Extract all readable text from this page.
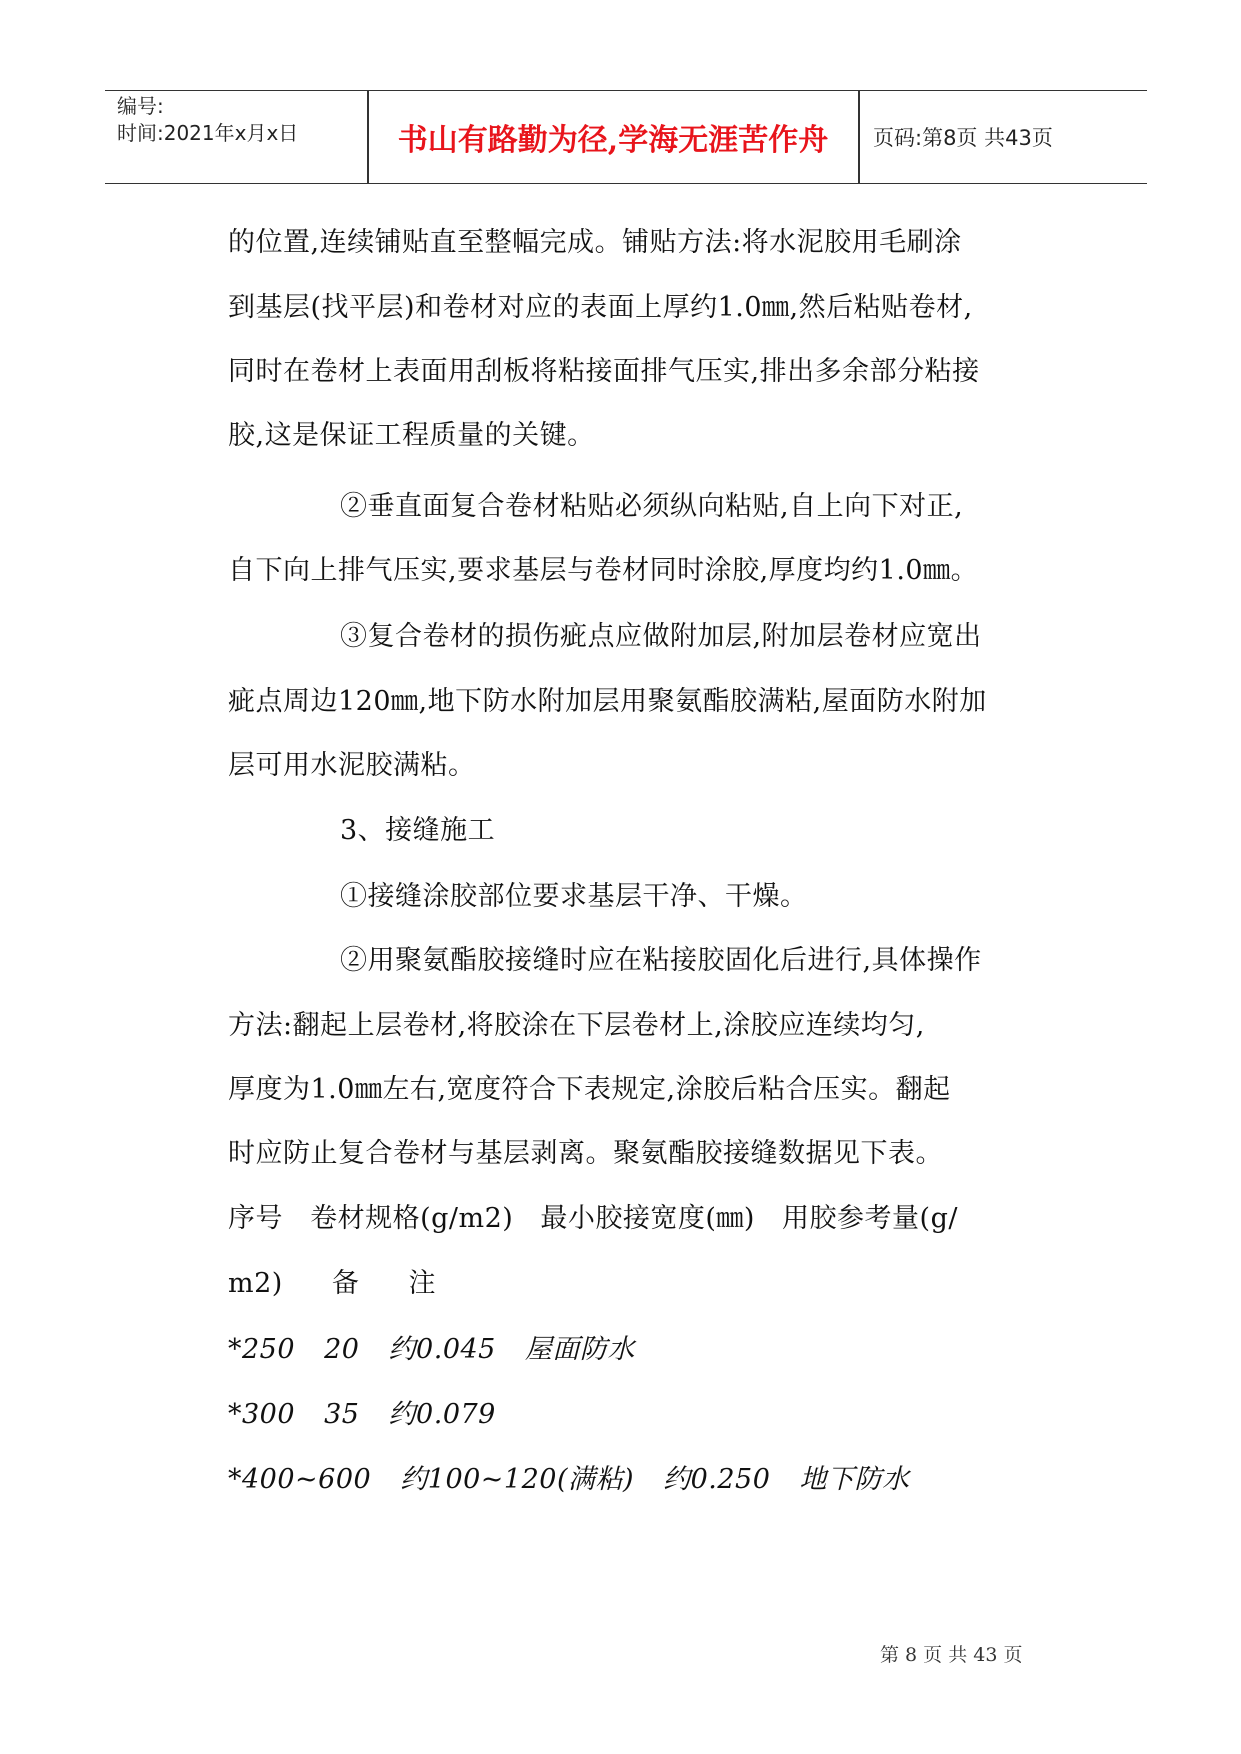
编号:
时间:2021年x月x日	书山有路勤为径,学海无涯苦作舟	页码:第8页 共43页
的位置,连续铺贴直至整幅完成。铺贴方法:将水泥胶用毛刷涂
到基层(找平层)和卷材对应的表面上厚约1.0㎜,然后粘贴卷材,
同时在卷材上表面用刮板将粘接面排气压实,排出多余部分粘接
胶,这是保证工程质量的关键。
②垂直面复合卷材粘贴必须纵向粘贴,自上向下对正,
自下向上排气压实,要求基层与卷材同时涂胶,厚度均约1.0㎜。
③复合卷材的损伤疵点应做附加层,附加层卷材应宽出
疵点周边120㎜,地下防水附加层用聚氨酯胶满粘,屋面防水附加
层可用水泥胶满粘。
3、接缝施工
①接缝涂胶部位要求基层干净、干燥。
②用聚氨酯胶接缝时应在粘接胶固化后进行,具体操作
方法:翻起上层卷材,将胶涂在下层卷材上,涂胶应连续均匀,
厚度为1.0㎜左右,宽度符合下表规定,涂胶后粘合压实。翻起
时应防止复合卷材与基层剥离。聚氨酯胶接缝数据见下表。
序号 卷材规格(g/m2) 最小胶接宽度(㎜) 用胶参考量(g/
m2) 备 注
*250 20 约0.045 屋面防水
*300 35 约0.079
*400~600 约100~120(满粘) 约0.250 地下防水
第 8 页 共 43 页
